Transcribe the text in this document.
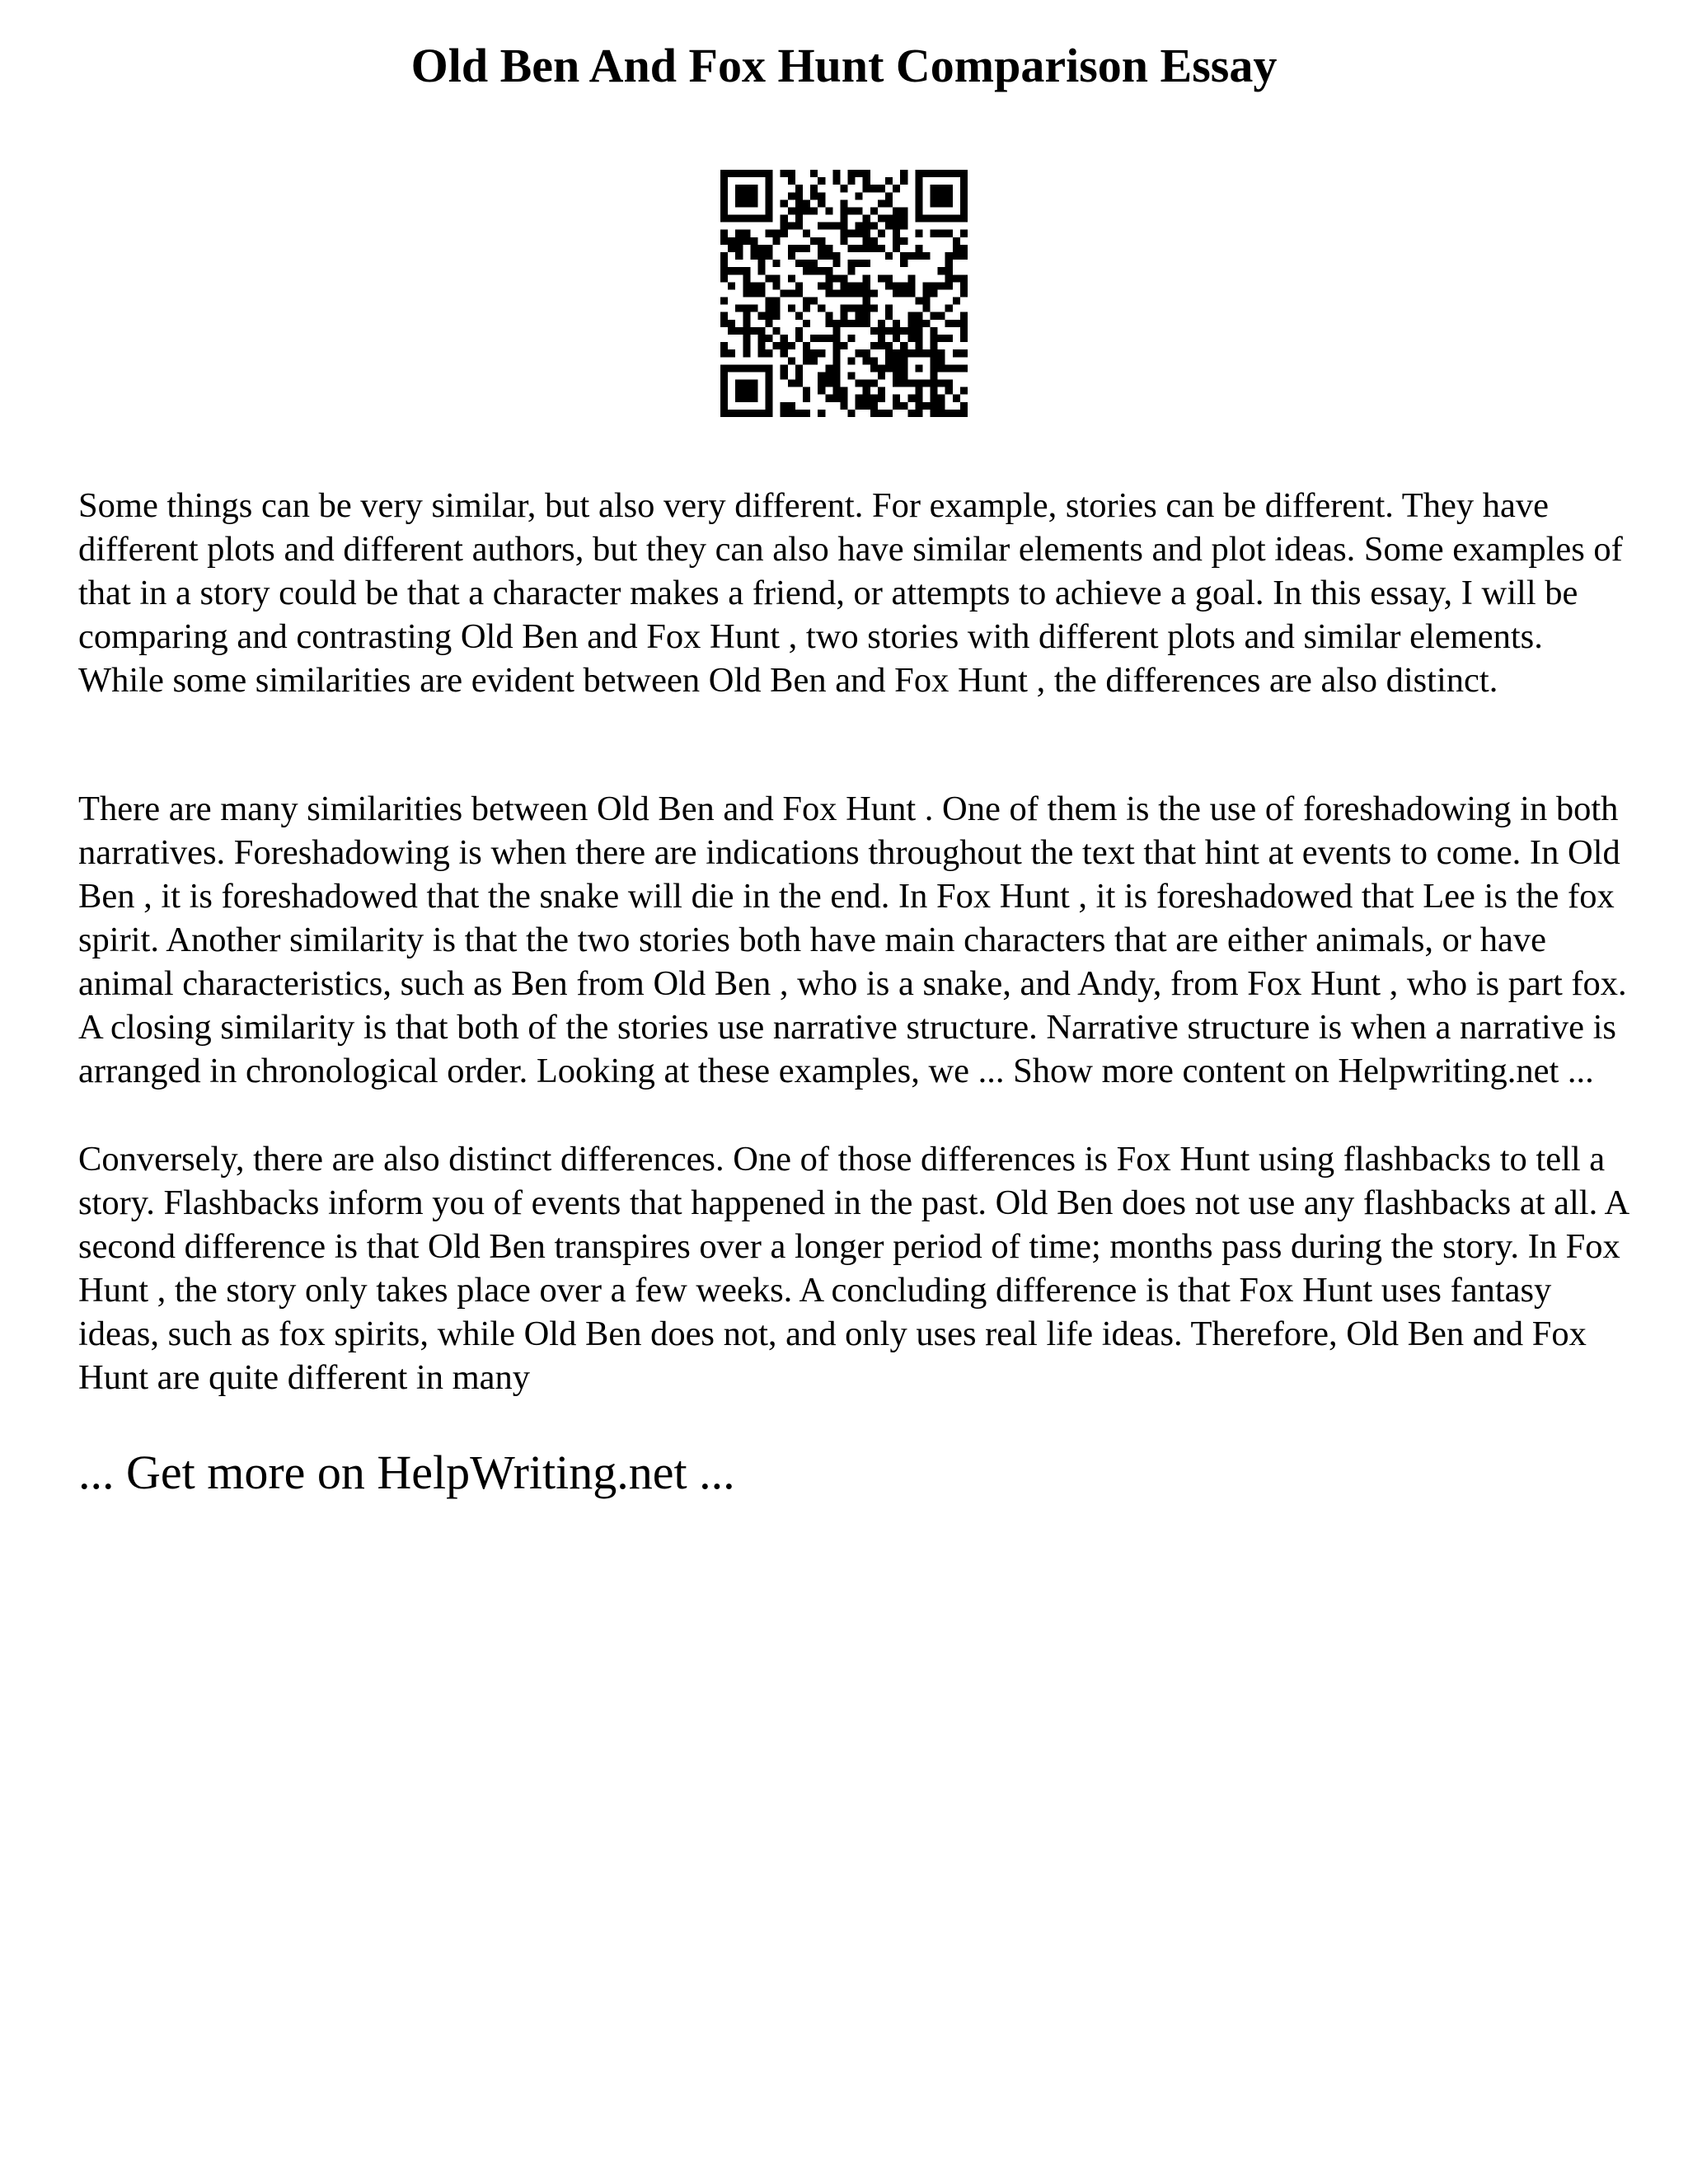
Old Ben And Fox Hunt Comparison Essay

Some things can be very similar, but also very different. For example, stories can be different. They have different plots and different authors, but they can also have similar elements and plot ideas. Some examples of that in a story could be that a character makes a friend, or attempts to achieve a goal. In this essay, I will be comparing and contrasting Old Ben and Fox Hunt , two stories with different plots and similar elements. While some similarities are evident between Old Ben and Fox Hunt , the differences are also distinct.

There are many similarities between Old Ben and Fox Hunt . One of them is the use of foreshadowing in both narratives. Foreshadowing is when there are indications throughout the text that hint at events to come. In Old Ben , it is foreshadowed that the snake will die in the end. In Fox Hunt , it is foreshadowed that Lee is the fox spirit. Another similarity is that the two stories both have main characters that are either animals, or have animal characteristics, such as Ben from Old Ben , who is a snake, and Andy, from Fox Hunt , who is part fox. A closing similarity is that both of the stories use narrative structure. Narrative structure is when a narrative is arranged in chronological order. Looking at these examples, we ... Show more content on Helpwriting.net ...

Conversely, there are also distinct differences. One of those differences is Fox Hunt using flashbacks to tell a story. Flashbacks inform you of events that happened in the past. Old Ben does not use any flashbacks at all. A second difference is that Old Ben transpires over a longer period of time; months pass during the story. In Fox Hunt , the story only takes place over a few weeks. A concluding difference is that Fox Hunt uses fantasy ideas, such as fox spirits, while Old Ben does not, and only uses real life ideas. Therefore, Old Ben and Fox Hunt are quite different in many

... Get more on HelpWriting.net ...
